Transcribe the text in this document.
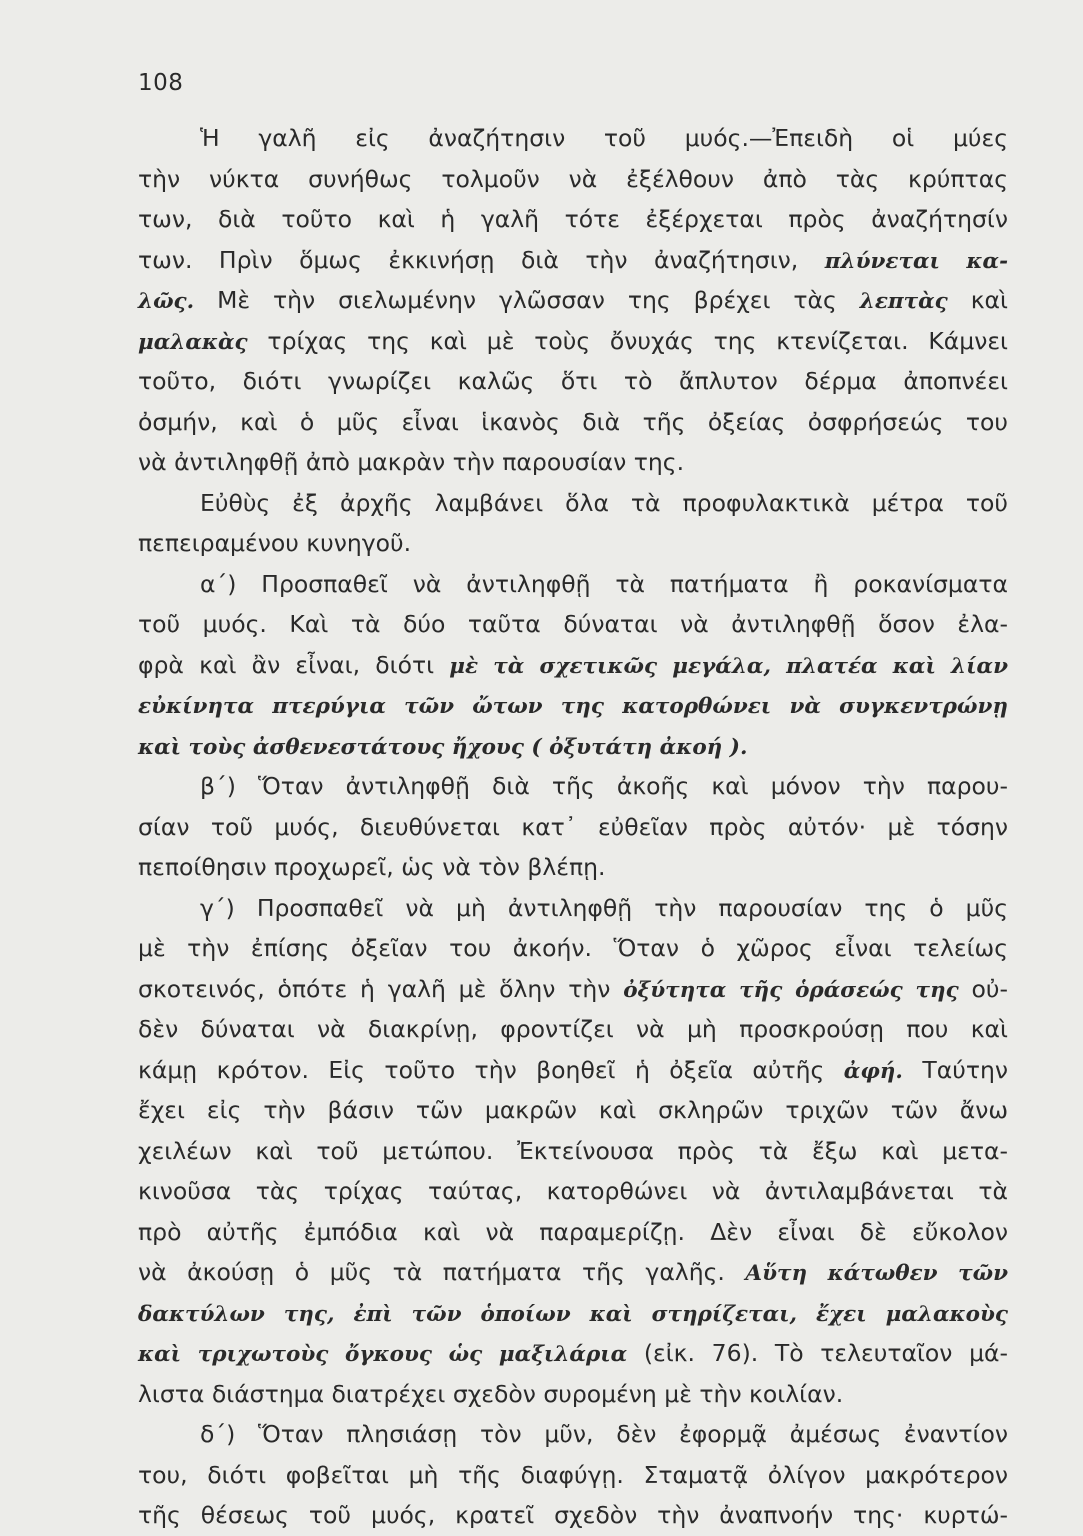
108
Ἡ γαλῆ εἰς ἀναζήτησιν τοῦ μυός.—Ἐπειδὴ οἱ μύες
τὴν νύκτα συνήθως τολμοῦν νὰ ἐξέλθουν ἀπὸ τὰς κρύπτας
των, διὰ τοῦτο καὶ ἡ γαλῆ τότε ἐξέρχεται πρὸς ἀναζήτησίν
των. Πρὶν ὅμως ἐκκινήσῃ διὰ τὴν ἀναζήτησιν, πλύνεται κα-
λῶς. Μὲ τὴν σιελωμένην γλῶσσαν της βρέχει τὰς λεπτὰς καὶ
μαλακὰς τρίχας της καὶ μὲ τοὺς ὄνυχάς της κτενίζεται. Κάμνει
τοῦτο, διότι γνωρίζει καλῶς ὅτι τὸ ἄπλυτον δέρμα ἀποπνέει
ὀσμήν, καὶ ὁ μῦς εἶναι ἱκανὸς διὰ τῆς ὀξείας ὀσφρήσεώς του
νὰ ἀντιληφθῇ ἀπὸ μακρὰν τὴν παρουσίαν της.
Εὐθὺς ἐξ ἀρχῆς λαμβάνει ὅλα τὰ προφυλακτικὰ μέτρα τοῦ
πεπειραμένου κυνηγοῦ.
α΄) Προσπαθεῖ νὰ ἀντιληφθῇ τὰ πατήματα ἢ ροκανίσματα
τοῦ μυός. Καὶ τὰ δύο ταῦτα δύναται νὰ ἀντιληφθῇ ὅσον ἐλα-
φρὰ καὶ ἂν εἶναι, διότι μὲ τὰ σχετικῶς μεγάλα, πλατέα καὶ λίαν
εὐκίνητα πτερύγια τῶν ὤτων της κατορθώνει νὰ συγκεντρώνῃ
καὶ τοὺς ἀσθενεστάτους ἤχους ( ὀξυτάτη ἀκοή ).
β΄) Ὅταν ἀντιληφθῇ διὰ τῆς ἀκοῆς καὶ μόνον τὴν παρου-
σίαν τοῦ μυός, διευθύνεται κατ᾽ εὐθεῖαν πρὸς αὐτόν· μὲ τόσην
πεποίθησιν προχωρεῖ, ὡς νὰ τὸν βλέπῃ.
γ΄) Προσπαθεῖ νὰ μὴ ἀντιληφθῇ τὴν παρουσίαν της ὁ μῦς
μὲ τὴν ἐπίσης ὀξεῖαν του ἀκοήν. Ὅταν ὁ χῶρος εἶναι τελείως
σκοτεινός, ὁπότε ἡ γαλῆ μὲ ὅλην τὴν ὀξύτητα τῆς ὁράσεώς της οὐ-
δὲν δύναται νὰ διακρίνῃ, φροντίζει νὰ μὴ προσκρούσῃ που καὶ
κάμῃ κρότον. Εἰς τοῦτο τὴν βοηθεῖ ἡ ὀξεῖα αὐτῆς ἀφή. Ταύτην
ἔχει εἰς τὴν βάσιν τῶν μακρῶν καὶ σκληρῶν τριχῶν τῶν ἄνω
χειλέων καὶ τοῦ μετώπου. Ἐκτείνουσα πρὸς τὰ ἔξω καὶ μετα-
κινοῦσα τὰς τρίχας ταύτας, κατορθώνει νὰ ἀντιλαμβάνεται τὰ
πρὸ αὐτῆς ἐμπόδια καὶ νὰ παραμερίζῃ. Δὲν εἶναι δὲ εὔκολον
νὰ ἀκούσῃ ὁ μῦς τὰ πατήματα τῆς γαλῆς. Αὕτη κάτωθεν τῶν
δακτύλων της, ἐπὶ τῶν ὁποίων καὶ στηρίζεται, ἔχει μαλακοὺς
καὶ τριχωτοὺς ὄγκους ὡς μαξιλάρια (εἰκ. 76). Τὸ τελευταῖον μά-
λιστα διάστημα διατρέχει σχεδὸν συρομένη μὲ τὴν κοιλίαν.
δ΄) Ὅταν πλησιάσῃ τὸν μῦν, δὲν ἐφορμᾷ ἀμέσως ἐναντίον
του, διότι φοβεῖται μὴ τῆς διαφύγῃ. Σταματᾷ ὀλίγον μακρότερον
τῆς θέσεως τοῦ μυός, κρατεῖ σχεδὸν τὴν ἀναπνοήν της· κυρτώ-
